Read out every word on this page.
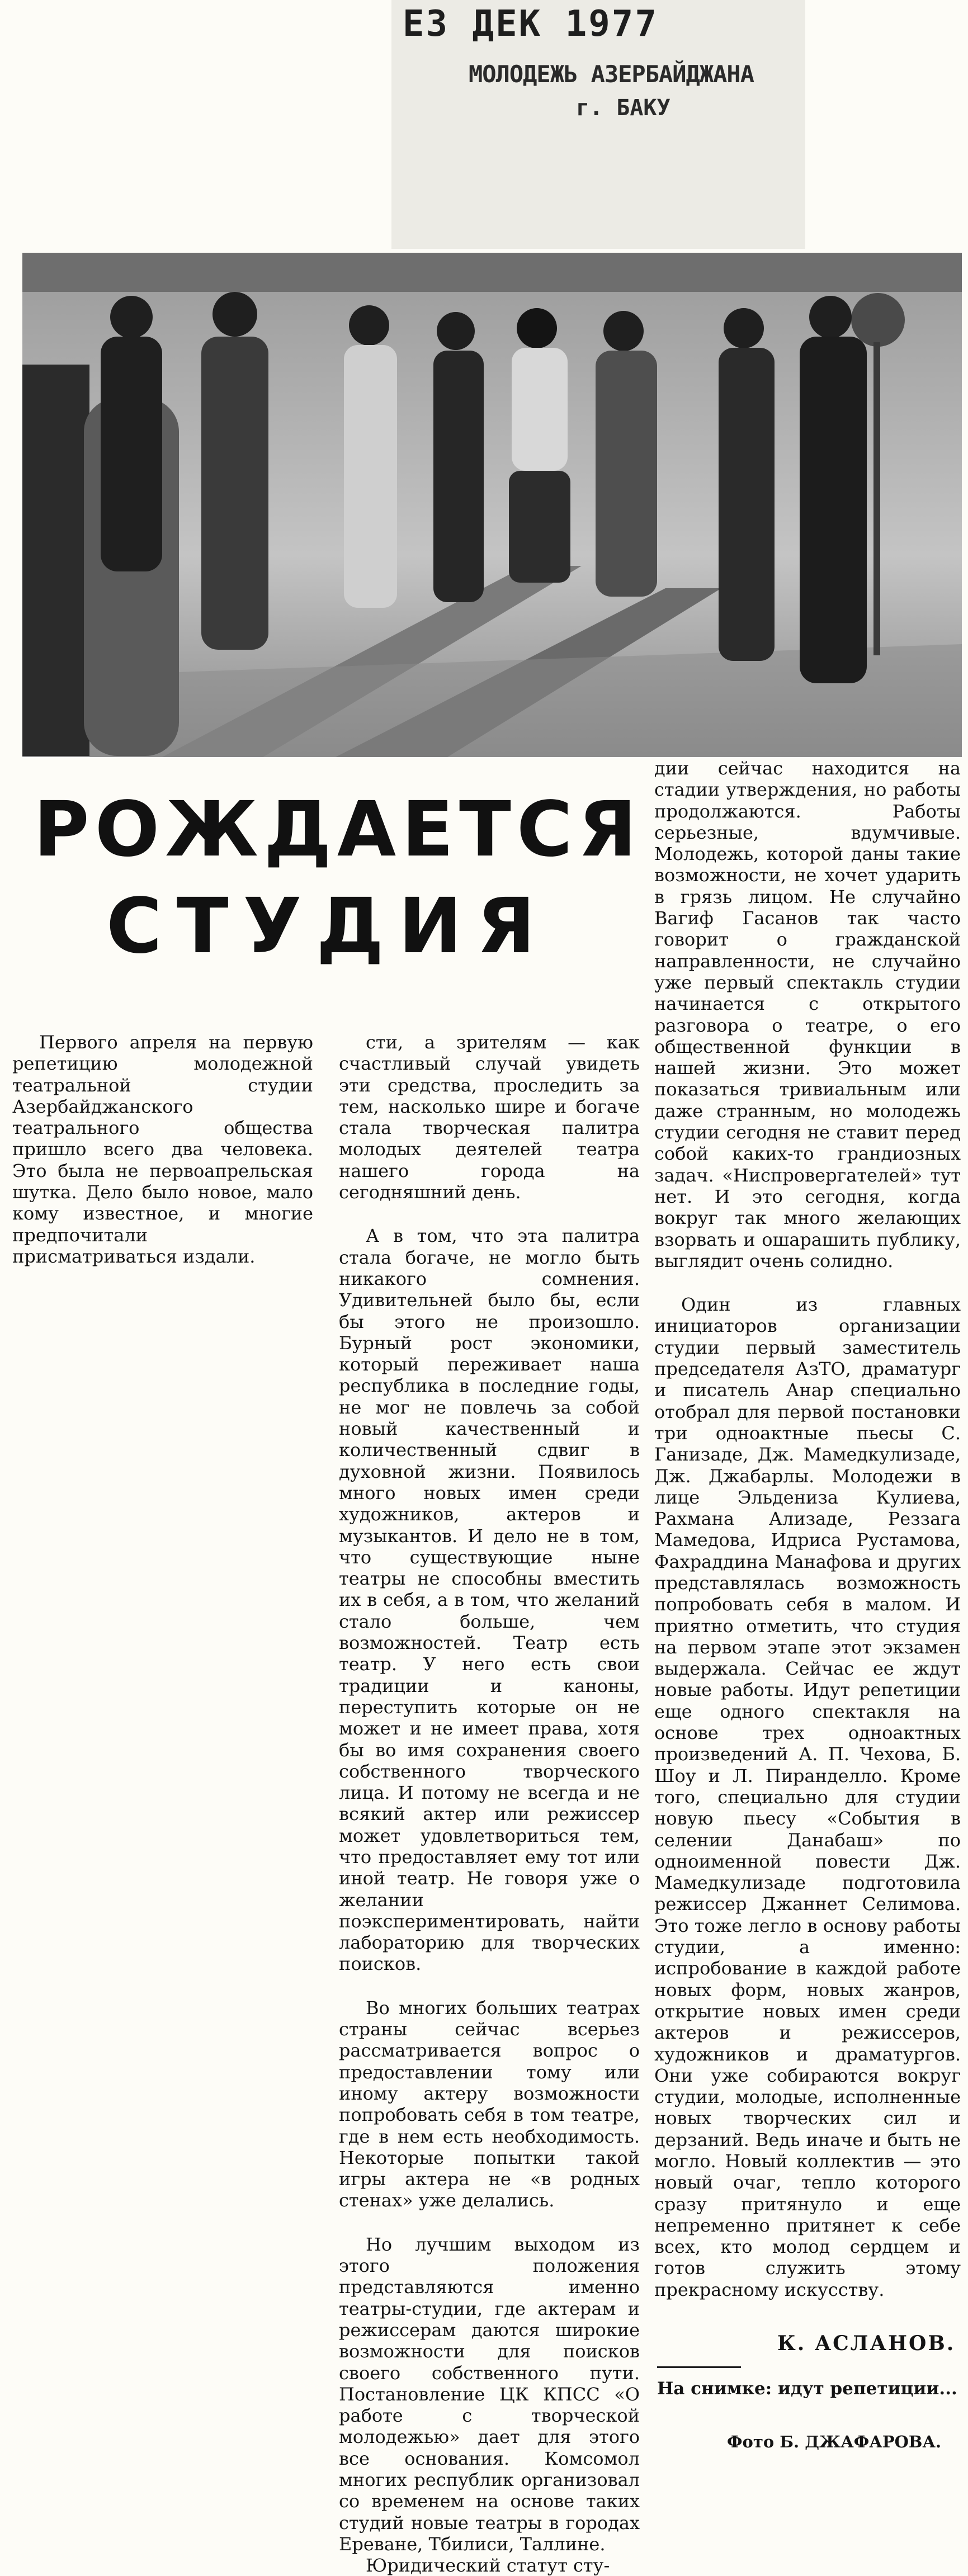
Е3 ДЕК 1977
МОЛОДЕЖЬ АЗЕРБАЙДЖАНА
г. БАКУ
РОЖДАЕТСЯ
СТУДИЯ

Первого апреля на первую репетицию молодежной театральной студии Азербайджанского театрального общества пришло всего два человека. Это была не первоапрельская шутка. Дело было новое, мало кому известное, и многие предпочитали присматриваться издали.

сти, а зрителям — как счастливый случай увидеть эти средства, проследить за тем, насколько шире и богаче стала творческая палитра молодых деятелей театра нашего города на сегодняшний день.

А в том, что эта палитра стала богаче, не могло быть никакого сомнения. Удивительней было бы, если бы этого не произошло. Бурный рост экономики, который переживает наша республика в последние годы, не мог не повлечь за собой новый качественный и количественный сдвиг в духовной жизни. Появилось много новых имен среди художников, актеров и музыкантов. И дело не в том, что существующие ныне театры не способны вместить их в себя, а в том, что желаний стало больше, чем возможностей. Театр есть театр. У него есть свои традиции и каноны, переступить которые он не может и не имеет права, хотя бы во имя сохранения своего собственного творческого лица. И потому не всегда и не всякий актер или режиссер может удовлетвориться тем, что предоставляет ему тот или иной театр. Не говоря уже о желании поэкспериментировать, найти лабораторию для творческих поисков.

Во многих больших театрах страны сейчас всерьез рассматривается вопрос о предоставлении тому или иному актеру возможности попробовать себя в том театре, где в нем есть необходимость. Некоторые попытки такой игры актера не «в родных стенах» уже делались.

Но лучшим выходом из этого положения представляются именно театры-студии, где актерам и режиссерам даются широкие возможности для поисков своего собственного пути. Постановление ЦК КПСС «О работе с творческой молодежью» дает для этого все основания. Комсомол многих республик организовал со временем на основе таких студий новые театры в городах Ереване, Тбилиси, Таллине.

Юридический статут сту-

дии сейчас находится на стадии утверждения, но работы продолжаются. Работы серьезные, вдумчивые. Молодежь, которой даны такие возможности, не хочет ударить в грязь лицом. Не случайно Вагиф Гасанов так часто говорит о гражданской направленности, не случайно уже первый спектакль студии начинается с открытого разговора о театре, о его общественной функции в нашей жизни. Это может показаться тривиальным или даже странным, но молодежь студии сегодня не ставит перед собой каких-то грандиозных задач. «Ниспровергателей» тут нет. И это сегодня, когда вокруг так много желающих взорвать и ошарашить публику, выглядит очень солидно.

Один из главных инициаторов организации студии первый заместитель председателя АзТО, драматург и писатель Анар специально отобрал для первой постановки три одноактные пьесы С. Ганизаде, Дж. Мамедкулизаде, Дж. Джабарлы. Молодежи в лице Эльдениза Кулиева, Рахмана Ализаде, Реззага Мамедова, Идриса Рустамова, Фахраддина Манафова и других представлялась возможность попробовать себя в малом. И приятно отметить, что студия на первом этапе этот экзамен выдержала. Сейчас ее ждут новые работы. Идут репетиции еще одного спектакля на основе трех одноактных произведений А. П. Чехова, Б. Шоу и Л. Пиранделло. Кроме того, специально для студии новую пьесу «События в селении Данабаш» по одноименной повести Дж. Мамедкулизаде подготовила режиссер Джаннет Селимова. Это тоже легло в основу работы студии, а именно: испробование в каждой работе новых форм, новых жанров, открытие новых имен среди актеров и режиссеров, художников и драматургов. Они уже собираются вокруг студии, молодые, исполненные новых творческих сил и дерзаний. Ведь иначе и быть не могло. Новый коллектив — это новый очаг, тепло которого сразу притянуло и еще непременно притянет к себе всех, кто молод сердцем и готов служить этому прекрасному искусству.

К. АСЛАНОВ.
На снимке: идут репетиции...
Фото Б. ДЖАФАРОВА.
